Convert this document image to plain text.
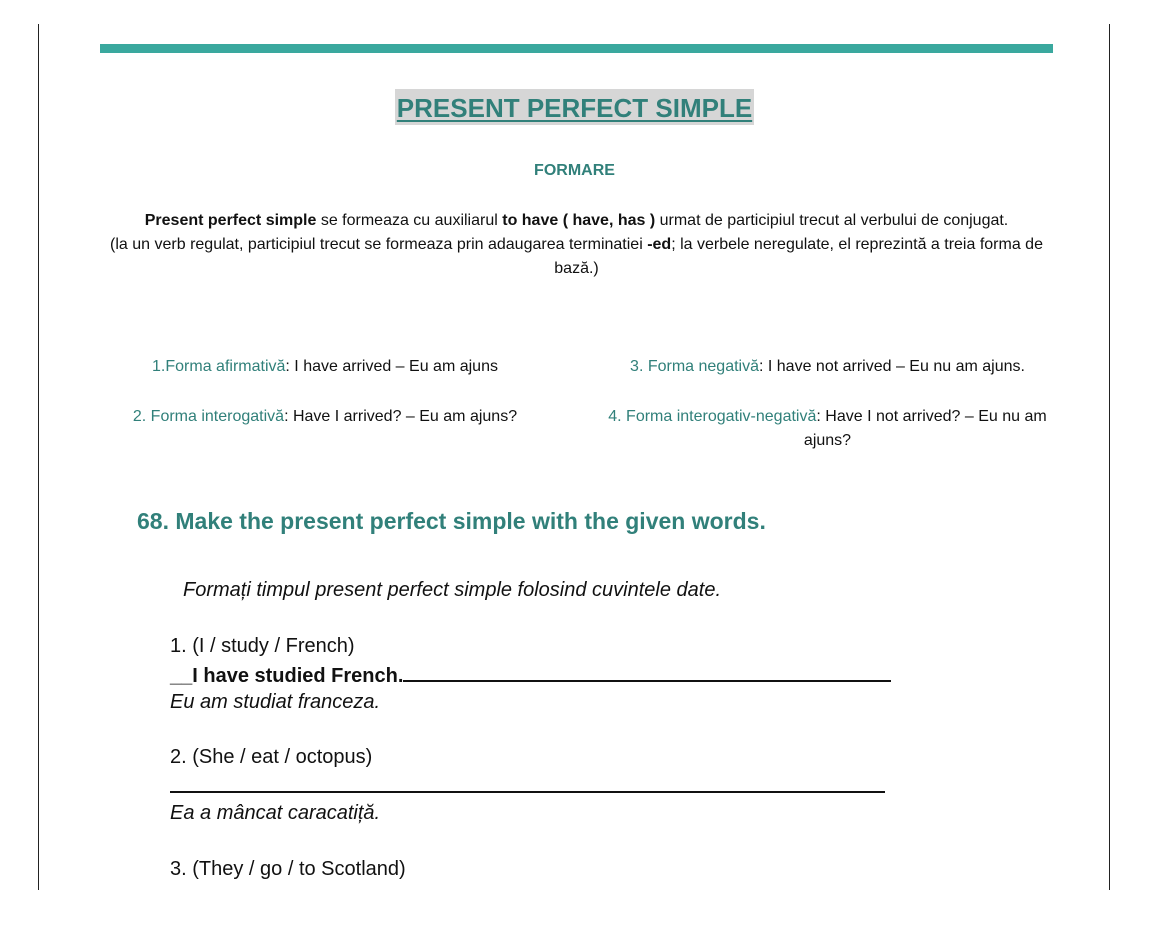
PRESENT PERFECT SIMPLE
FORMARE
Present perfect simple se formeaza cu auxiliarul to have ( have, has ) urmat de participiul trecut al verbului de conjugat.
(la un verb regulat, participiul trecut se formeaza prin adaugarea terminatiei -ed; la verbele neregulate, el reprezintă a treia forma de bază.)
1.Forma afirmativă: I have arrived – Eu am ajuns
2. Forma interogativă: Have I arrived? – Eu am ajuns?
3. Forma negativă: I have not arrived – Eu nu am ajuns.
4. Forma interogativ-negativă: Have I not arrived? – Eu nu am ajuns?
68. Make the present perfect simple with the given words.
Formați timpul present perfect simple folosind cuvintele date.
1. (I / study / French)
__I have studied French.
Eu am studiat franceza.
2. (She / eat / octopus)
Ea a mâncat caracatiță.
3. (They / go / to Scotland)
